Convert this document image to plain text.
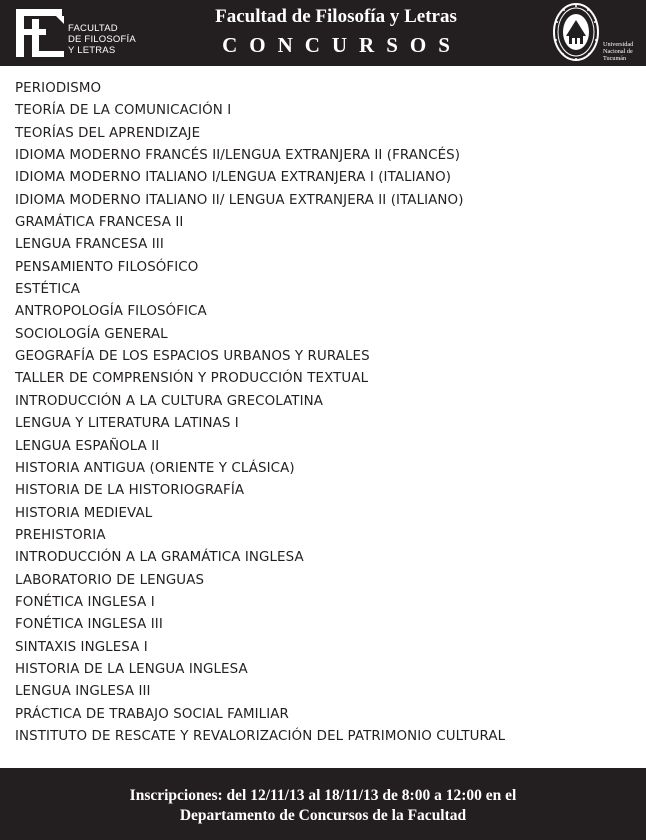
FACULTAD
DE FILOSOFÍA
Y LETRAS
Facultad de Filosofía y Letras
CONCURSOS	Universidad
Nacional de
Tucumán
PERIODISMO
TEORÍA DE LA COMUNICACIÓN I
TEORÍAS DEL APRENDIZAJE
IDIOMA MODERNO FRANCÉS II/LENGUA EXTRANJERA II (FRANCÉS)
IDIOMA MODERNO ITALIANO I/LENGUA EXTRANJERA I (ITALIANO)
IDIOMA MODERNO ITALIANO II/ LENGUA EXTRANJERA II (ITALIANO)
GRAMÁTICA FRANCESA II
LENGUA FRANCESA III
PENSAMIENTO FILOSÓFICO
ESTÉTICA
ANTROPOLOGÍA FILOSÓFICA
SOCIOLOGÍA GENERAL
GEOGRAFÍA DE LOS ESPACIOS URBANOS Y RURALES
TALLER DE COMPRENSIÓN Y PRODUCCIÓN TEXTUAL
INTRODUCCIÓN A LA CULTURA GRECOLATINA
LENGUA Y LITERATURA LATINAS I
LENGUA ESPAÑOLA II
HISTORIA ANTIGUA (ORIENTE Y CLÁSICA)
HISTORIA DE LA HISTORIOGRAFÍA
HISTORIA MEDIEVAL
PREHISTORIA
INTRODUCCIÓN A LA GRAMÁTICA INGLESA
LABORATORIO DE LENGUAS
FONÉTICA INGLESA I
FONÉTICA INGLESA III
SINTAXIS INGLESA I
HISTORIA DE LA LENGUA INGLESA
LENGUA INGLESA III
PRÁCTICA DE TRABAJO SOCIAL FAMILIAR
INSTITUTO DE RESCATE Y REVALORIZACIÓN DEL PATRIMONIO CULTURAL
Inscripciones: del 12/11/13 al 18/11/13 de 8:00 a 12:00 en el
Departamento de Concursos de la Facultad
